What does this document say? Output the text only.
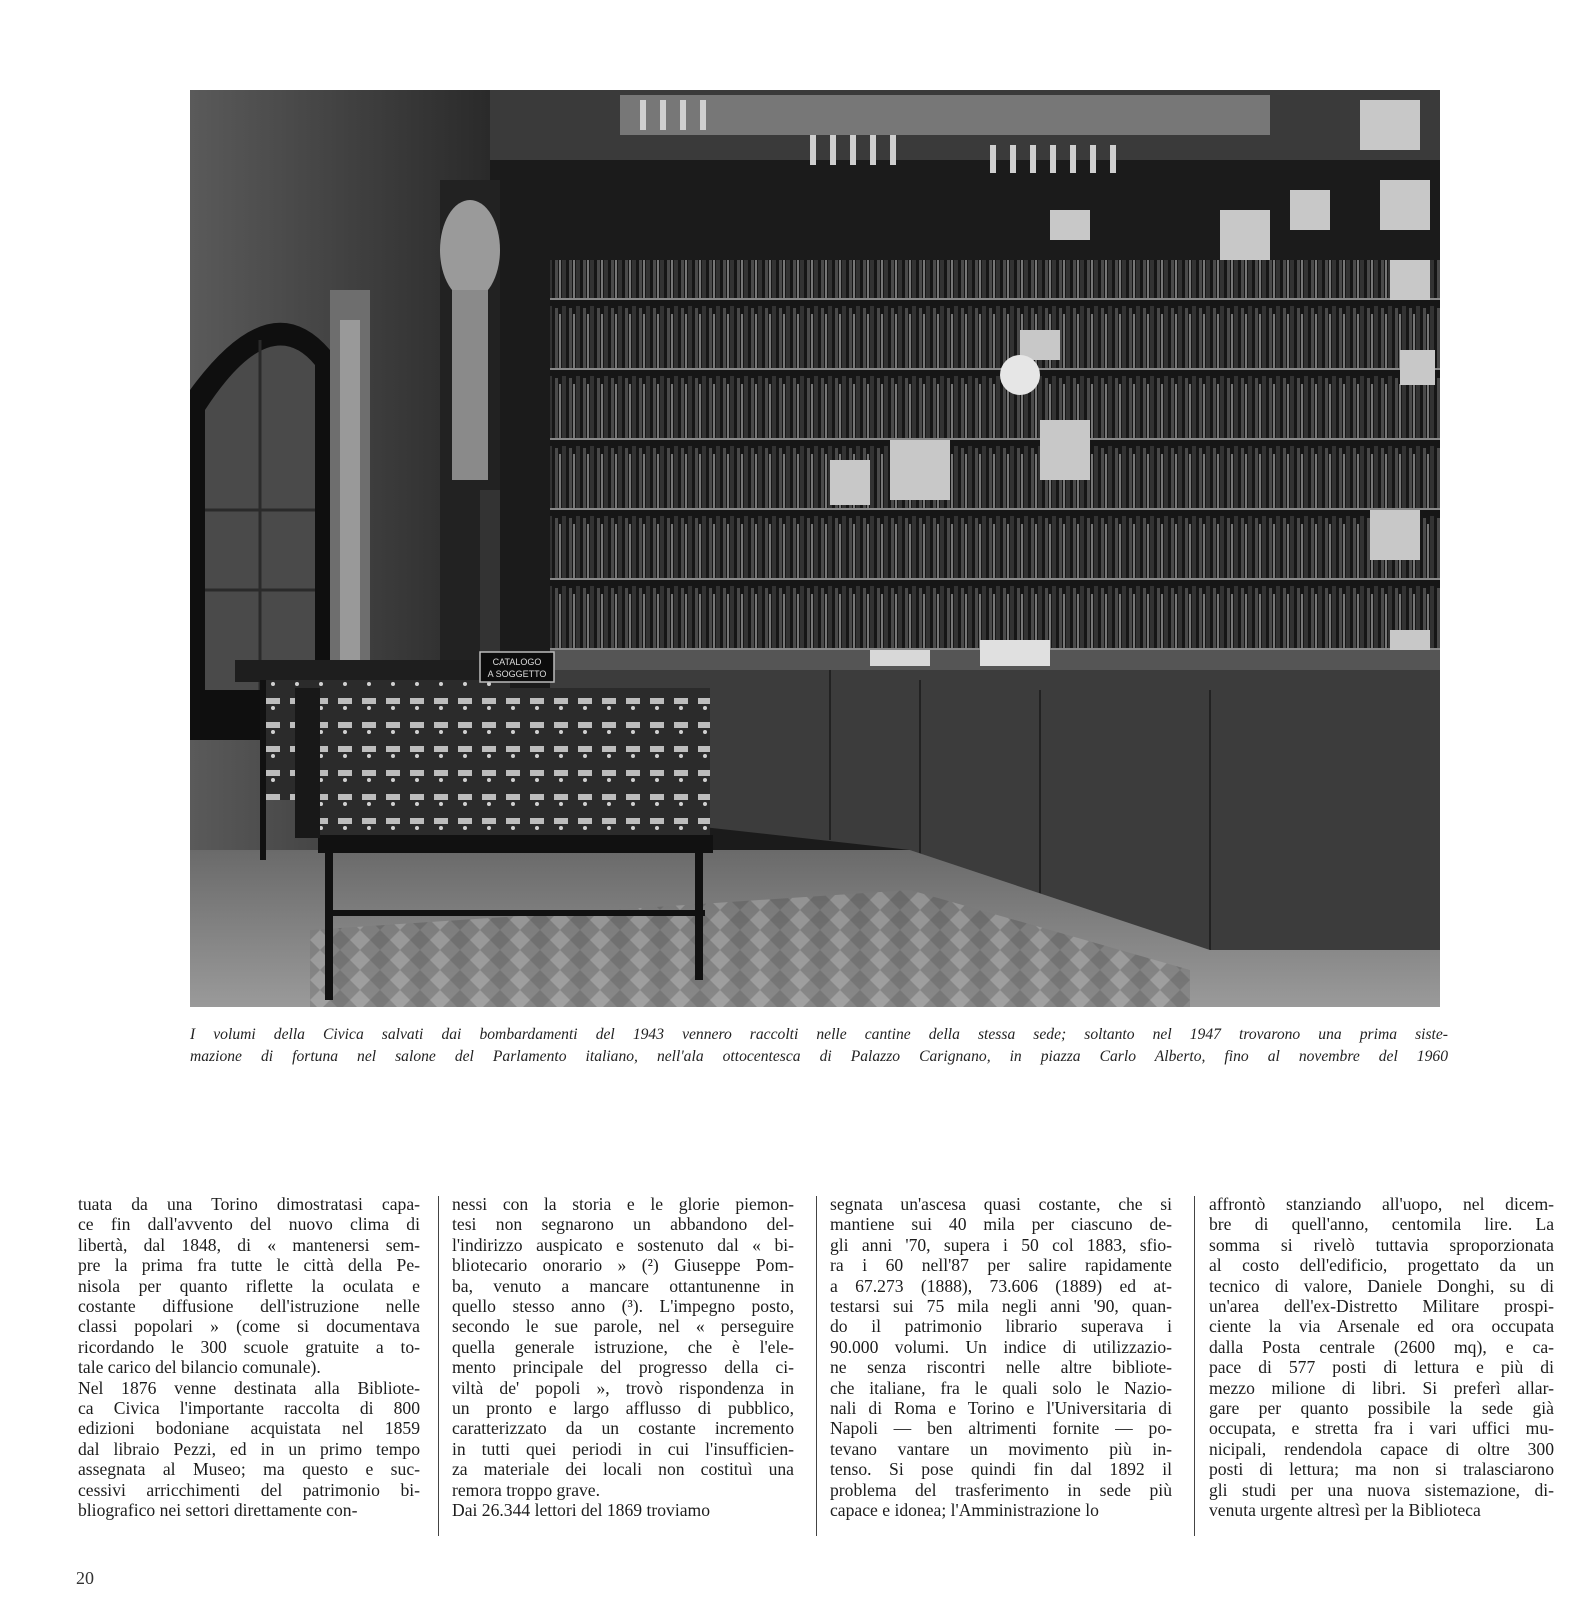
CATALOGO
A SOGGETTO
I volumi della Civica salvati dai bombardamenti del 1943 vennero raccolti nelle cantine della stessa sede; soltanto nel 1947 trovarono una prima siste-
mazione di fortuna nel salone del Parlamento italiano, nell'ala ottocentesca di Palazzo Carignano, in piazza Carlo Alberto, fino al novembre del 1960
tuata da una Torino dimostratasi capa-
ce fin dall'avvento del nuovo clima di
libertà, dal 1848, di « mantenersi sem-
pre la prima fra tutte le città della Pe-
nisola per quanto riflette la oculata e
costante diffusione dell'istruzione nelle
classi popolari » (come si documentava
ricordando le 300 scuole gratuite a to-
tale carico del bilancio comunale).
Nel 1876 venne destinata alla Bibliote-
ca Civica l'importante raccolta di 800
edizioni bodoniane acquistata nel 1859
dal libraio Pezzi, ed in un primo tempo
assegnata al Museo; ma questo e suc-
cessivi arricchimenti del patrimonio bi-
bliografico nei settori direttamente con-
nessi con la storia e le glorie piemon-
tesi non segnarono un abbandono del-
l'indirizzo auspicato e sostenuto dal « bi-
bliotecario onorario » (²) Giuseppe Pom-
ba, venuto a mancare ottantunenne in
quello stesso anno (³). L'impegno posto,
secondo le sue parole, nel « perseguire
quella generale istruzione, che è l'ele-
mento principale del progresso della ci-
viltà de' popoli », trovò rispondenza in
un pronto e largo afflusso di pubblico,
caratterizzato da un costante incremento
in tutti quei periodi in cui l'insufficien-
za materiale dei locali non costituì una
remora troppo grave.
Dai 26.344 lettori del 1869 troviamo
segnata un'ascesa quasi costante, che si
mantiene sui 40 mila per ciascuno de-
gli anni '70, supera i 50 col 1883, sfio-
ra i 60 nell'87 per salire rapidamente
a 67.273 (1888), 73.606 (1889) ed at-
testarsi sui 75 mila negli anni '90, quan-
do il patrimonio librario superava i
90.000 volumi. Un indice di utilizzazio-
ne senza riscontri nelle altre bibliote-
che italiane, fra le quali solo le Nazio-
nali di Roma e Torino e l'Universitaria di
Napoli — ben altrimenti fornite — po-
tevano vantare un movimento più in-
tenso. Si pose quindi fin dal 1892 il
problema del trasferimento in sede più
capace e idonea; l'Amministrazione lo
affrontò stanziando all'uopo, nel dicem-
bre di quell'anno, centomila lire. La
somma si rivelò tuttavia sproporzionata
al costo dell'edificio, progettato da un
tecnico di valore, Daniele Donghi, su di
un'area dell'ex-Distretto Militare prospi-
ciente la via Arsenale ed ora occupata
dalla Posta centrale (2600 mq), e ca-
pace di 577 posti di lettura e più di
mezzo milione di libri. Si preferì allar-
gare per quanto possibile la sede già
occupata, e stretta fra i vari uffici mu-
nicipali, rendendola capace di oltre 300
posti di lettura; ma non si tralasciarono
gli studi per una nuova sistemazione, di-
venuta urgente altresì per la Biblioteca
20
